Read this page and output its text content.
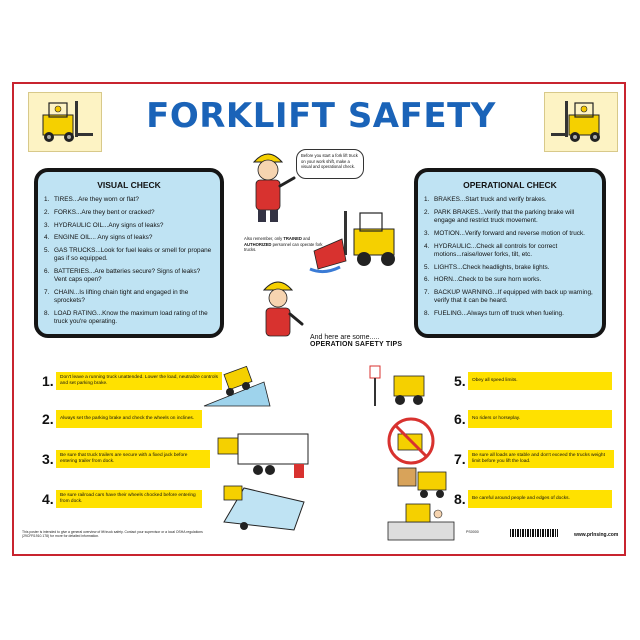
FORKLIFT SAFETY
VISUAL CHECK
1. TIRES...Are they worn or flat?
2. FORKS...Are they bent or cracked?
3. HYDRAULIC OIL...Any signs of leaks?
4. ENGINE OIL... Any signs of leaks?
5. GAS TRUCKS...Look for fuel leaks or smell for propane gas if so equipped.
6. BATTERIES...Are batteries secure? Signs of leaks? Vent caps open?
7. CHAIN...Is lifting chain tight and engaged in the sprockets?
8. LOAD RATING...Know the maximum load rating of the truck you're operating.
OPERATIONAL CHECK
1. BRAKES...Start truck and verify brakes.
2. PARK BRAKES...Verify that the parking brake will engage and restrict truck movement.
3. MOTION...Verify forward and reverse motion of truck.
4. HYDRAULIC...Check all controls for correct motions...raise/lower forks, tilt, etc.
5. LIGHTS...Check headlights, brake lights.
6. HORN...Check to be sure horn works.
7. BACKUP WARNING...If equipped with back up warning, verify that it can be heard.
8. FUELING...Always turn off truck when fueling.
Before you start a fork lift truck on your work shift, make a visual and operational check.
Also remember, only TRAINED and AUTHORIZED personnel can operate fork trucks.
And here are some.....
OPERATION SAFETY TIPS
1.	Don't leave a running truck unattended. Lower the load, neutralize controls and set parking brake.
2.	Always set the parking brake and check the wheels on inclines.
3.	Be sure that truck trailers are secure with a fixed jack before entering trailer from dock.
4.	Be sure railroad cars have their wheels chocked before entering from dock.
5.	Obey all speed limits.
6.	No riders or horseplay.
7.	Be sure all loads are stable and don't exceed the trucks weight limit before you lift the load.
8.	Be careful around people and edges of docks.
This poster is intended to give a general overview of lift truck safety. Contact your supervisor or a local OSHA regulations (29CFR1910.178) for more for detailed information.
PS0000	www.prlnsing.com
